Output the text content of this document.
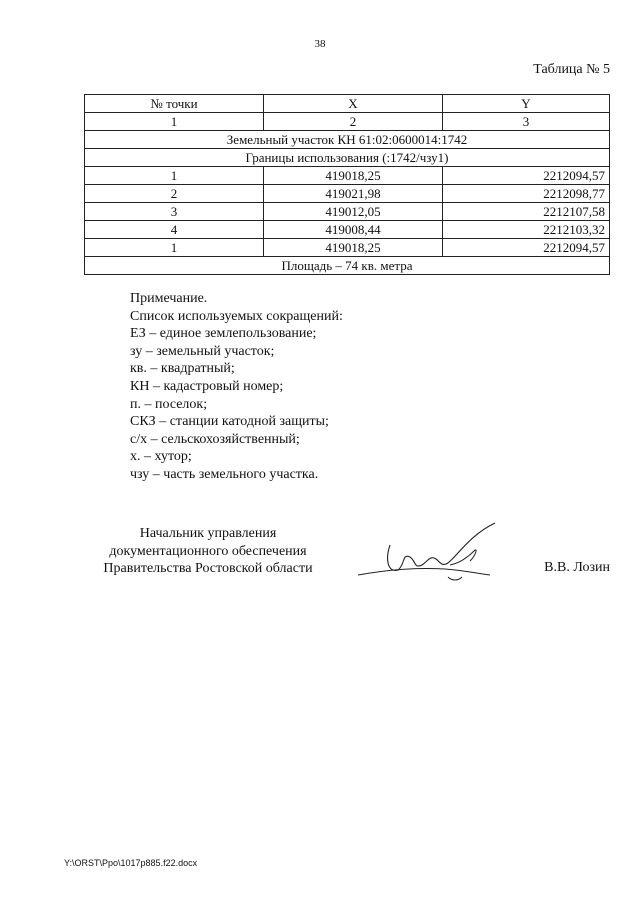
38
Таблица № 5
№ точки	X	Y
1	2	3
Земельный участок КН 61:02:0600014:1742		
Границы использования (:1742/чзу1)		
1	419018,25	2212094,57
2	419021,98	2212098,77
3	419012,05	2212107,58
4	419008,44	2212103,32
1	419018,25	2212094,57
Площадь – 74 кв. метра		
Примечание.
Список используемых сокращений:
ЕЗ – единое землепользование;
зу – земельный участок;
кв. – квадратный;
КН – кадастровый номер;
п. – поселок;
СКЗ – станции катодной защиты;
с/х – сельскохозяйственный;
х. – хутор;
чзу – часть земельного участка.
Начальник управления
документационного обеспечения
Правительства Ростовской области	В.В. Лозин
Y:\ORST\Ppo\1017p885.f22.docx
